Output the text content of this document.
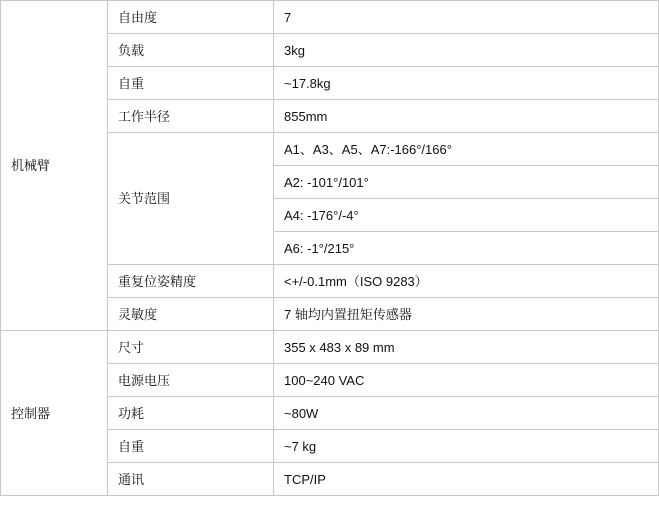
机械臂	自由度	7
	负载	3kg
	自重	~17.8kg
	工作半径	855mm
	关节范围	A1、A3、A5、A7:-166°/166°
		A2: -101°/101°
		A4: -176°/-4°
		A6: -1°/215°
	重复位姿精度	<+/-0.1mm（ISO 9283）
	灵敏度	7 轴均内置扭矩传感器
控制器	尺寸	355 x 483 x 89 mm
	电源电压	100~240 VAC
	功耗	~80W
	自重	~7 kg
	通讯	TCP/IP
